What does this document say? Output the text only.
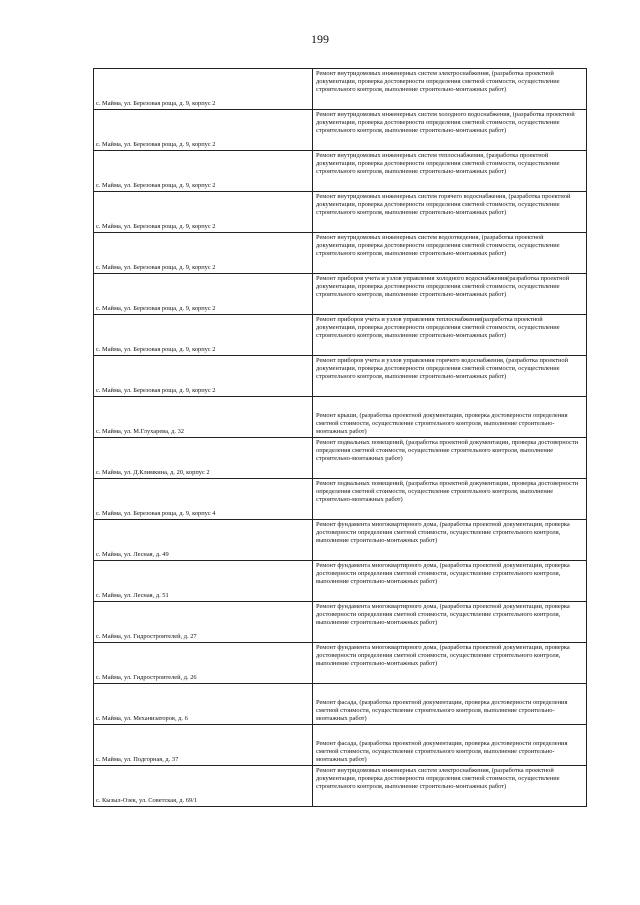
199
с. Майма, ул. Березовая роща, д. 9, корпус 2	Ремонт внутридомовых инженерных систем электроснабжения, (разработка проектной документации, проверка достоверности определения сметной стоимости, осуществление строительного контроля, выполнение строительно-монтажных работ)

с. Майма, ул. Березовая роща, д. 9, корпус 2	Ремонт внутридомовых инженерных систем холодного водоснабжения, (разработка проектной документации, проверка достоверности определения сметной стоимости, осуществление строительного контроля, выполнение строительно-монтажных работ)

с. Майма, ул. Березовая роща, д. 9, корпус 2	Ремонт внутридомовых инженерных систем теплоснабжения, (разработка проектной документации, проверка достоверности определения сметной стоимости, осуществление строительного контроля, выполнение строительно-монтажных работ)

с. Майма, ул. Березовая роща, д. 9, корпус 2	Ремонт внутридомовых инженерных систем горячего водоснабжения, (разработка проектной документации, проверка достоверности определения сметной стоимости, осуществление строительного контроля, выполнение строительно-монтажных работ)

с. Майма, ул. Березовая роща, д. 9, корпус 2	Ремонт внутридомовых инженерных систем водоотведения, (разработка проектной документации, проверка достоверности определения сметной стоимости, осуществление строительного контроля, выполнение строительно-монтажных работ)

с. Майма, ул. Березовая роща, д. 9, корпус 2	Ремонт приборов учета и узлов управления холодного водоснабжения(разработка проектной документации, проверка достоверности определения сметной стоимости, осуществление строительного контроля, выполнение строительно-монтажных работ)

с. Майма, ул. Березовая роща, д. 9, корпус 2	Ремонт приборов учета и узлов управления теплоснабжения(разработка проектной документации, проверка достоверности определения сметной стоимости, осуществление строительного контроля, выполнение строительно-монтажных работ)

с. Майма, ул. Березовая роща, д. 9, корпус 2	Ремонт приборов учета и узлов управления горячего водоснабжения, (разработка проектной документации, проверка достоверности определения сметной стоимости, осуществление строительного контроля, выполнение строительно-монтажных работ)

с. Майма, ул. М.Глухарева, д. 32	Ремонт крыши, (разработка проектной документации, проверка достоверности определения сметной стоимости, осуществление строительного контроля, выполнение строительно-монтажных работ)

с. Майма, ул. Д.Климкина, д. 20, корпус 2	Ремонт подвальных помещений, (разработка проектной документации, проверка достоверности определения сметной стоимости, осуществление строительного контроля, выполнение строительно-монтажных работ)

с. Майма, ул. Березовая роща, д. 9, корпус 4	Ремонт подвальных помещений, (разработка проектной документации, проверка достоверности определения сметной стоимости, осуществление строительного контроля, выполнение строительно-монтажных работ)

с. Майма, ул. Лесная, д. 49	Ремонт фундамента многоквартирного дома, (разработка проектной документации, проверка достоверности определения сметной стоимости, осуществление строительного контроля, выполнение строительно-монтажных работ)

с. Майма, ул. Лесная, д. 51	Ремонт фундамента многоквартирного дома, (разработка проектной документации, проверка достоверности определения сметной стоимости, осуществление строительного контроля, выполнение строительно-монтажных работ)

с. Майма, ул. Гидростроителей, д. 27	Ремонт фундамента многоквартирного дома, (разработка проектной документации, проверка достоверности определения сметной стоимости, осуществление строительного контроля, выполнение строительно-монтажных работ)

с. Майма, ул. Гидростроителей, д. 26	Ремонт фундамента многоквартирного дома, (разработка проектной документации, проверка достоверности определения сметной стоимости, осуществление строительного контроля, выполнение строительно-монтажных работ)

с. Майма, ул. Механизаторов, д. 6	Ремонт фасада, (разработка проектной документации, проверка достоверности определения сметной стоимости, осуществление строительного контроля, выполнение строительно-монтажных работ)

с. Майма, ул. Подгорная, д. 37	Ремонт фасада, (разработка проектной документации, проверка достоверности определения сметной стоимости, осуществление строительного контроля, выполнение строительно-монтажных работ)

с. Кызыл-Озек, ул. Советская, д. 69/1	Ремонт внутридомовых инженерных систем электроснабжения, (разработка проектной документации, проверка достоверности определения сметной стоимости, осуществление строительного контроля, выполнение строительно-монтажных работ)
